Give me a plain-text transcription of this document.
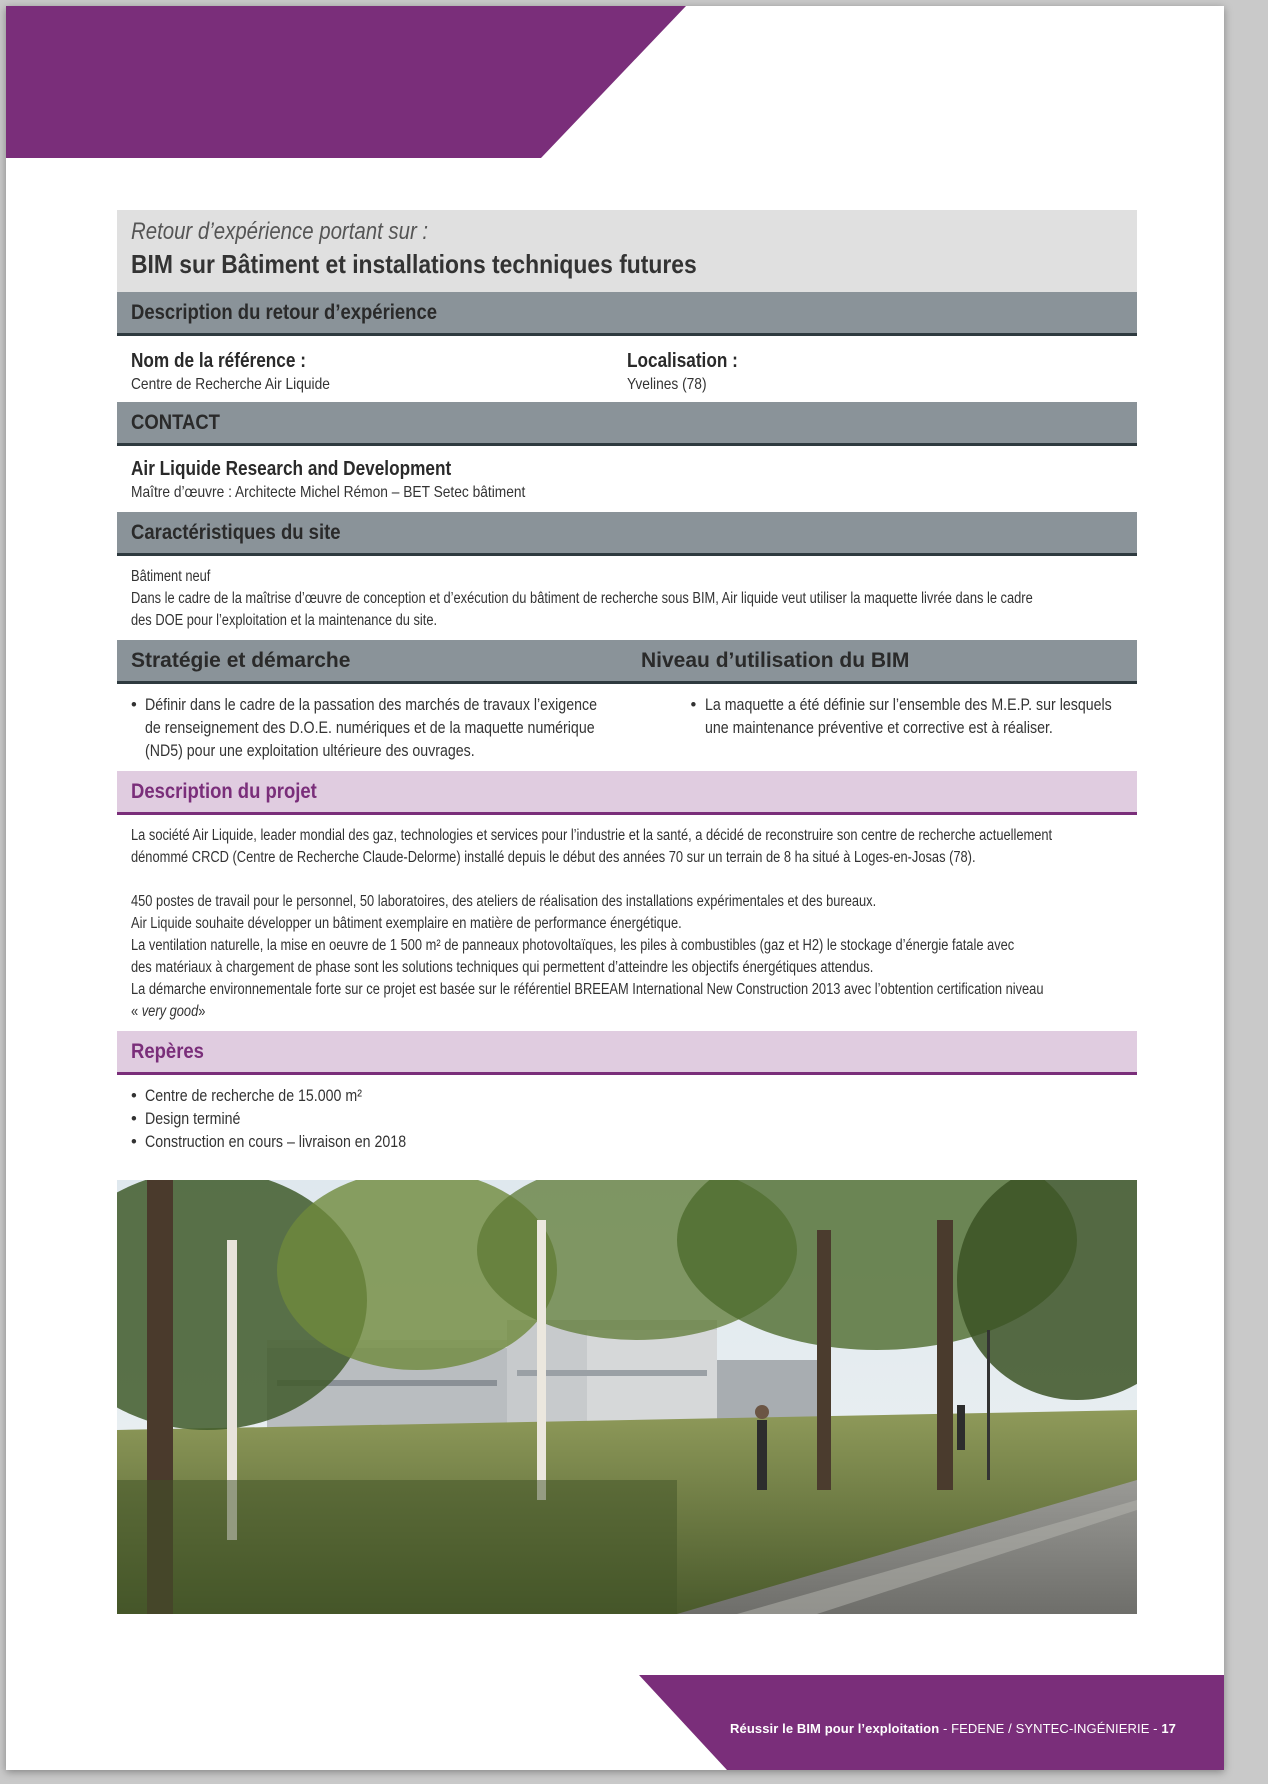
Retour d’expérience portant sur :
BIM sur Bâtiment et installations techniques futures
Description du retour d’expérience
Nom de la référence :
Centre de Recherche Air Liquide
Localisation :
Yvelines (78)
CONTACT
Air Liquide Research and Development
Maître d’œuvre : Architecte Michel Rémon – BET Setec bâtiment
Caractéristiques du site
Bâtiment neuf
Dans le cadre de la maîtrise d’œuvre de conception et d’exécution du bâtiment de recherche sous BIM, Air liquide veut utiliser la maquette livrée dans le cadre
des DOE pour l’exploitation et la maintenance du site.
Stratégie et démarche	Niveau d’utilisation du BIM
• Définir dans le cadre de la passation des marchés de travaux l’exigence
de renseignement des D.O.E. numériques et de la maquette numérique
(ND5) pour une exploitation ultérieure des ouvrages.
• La maquette a été définie sur l’ensemble des M.E.P. sur lesquels
une maintenance préventive et corrective est à réaliser.
Description du projet
La société Air Liquide, leader mondial des gaz, technologies et services pour l’industrie et la santé, a décidé de reconstruire son centre de recherche actuellement
dénommé CRCD (Centre de Recherche Claude-Delorme) installé depuis le début des années 70 sur un terrain de 8 ha situé à Loges-en-Josas (78).
450 postes de travail pour le personnel, 50 laboratoires, des ateliers de réalisation des installations expérimentales et des bureaux.
Air Liquide souhaite développer un bâtiment exemplaire en matière de performance énergétique.
La ventilation naturelle, la mise en oeuvre de 1 500 m² de panneaux photovoltaïques, les piles à combustibles (gaz et H2) le stockage d’énergie fatale avec
des matériaux à chargement de phase sont les solutions techniques qui permettent d’atteindre les objectifs énergétiques attendus.
La démarche environnementale forte sur ce projet est basée sur le référentiel BREEAM International New Construction 2013 avec l’obtention certification niveau
« very good»
Repères
• Centre de recherche de 15.000 m²
• Design terminé
• Construction en cours – livraison en 2018
Réussir le BIM pour l’exploitation - FEDENE / SYNTEC-INGÉNIERIE - 17
